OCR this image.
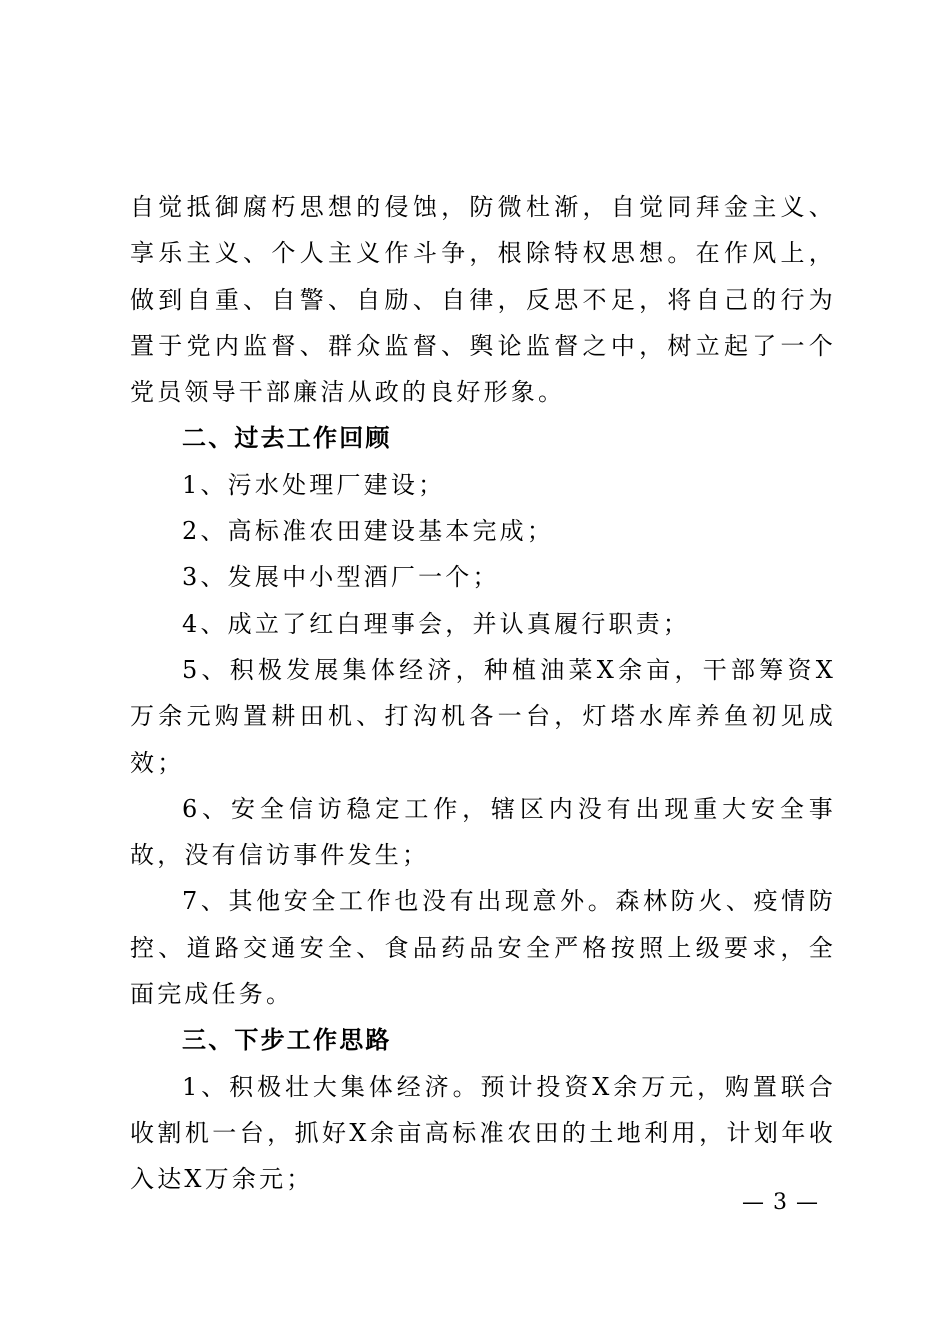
自觉抵御腐朽思想的侵蚀，防微杜渐，自觉同拜金主义、享乐主义、个人主义作斗争，根除特权思想。在作风上，做到自重、自警、自励、自律，反思不足，将自己的行为置于党内监督、群众监督、舆论监督之中，树立起了一个党员领导干部廉洁从政的良好形象。

二、过去工作回顾

1、污水处理厂建设；

2、高标准农田建设基本完成；

3、发展中小型酒厂一个；

4、成立了红白理事会，并认真履行职责；

5、积极发展集体经济，种植油菜X余亩，干部筹资X万余元购置耕田机、打沟机各一台，灯塔水库养鱼初见成效；

6、安全信访稳定工作，辖区内没有出现重大安全事故，没有信访事件发生；

7、其他安全工作也没有出现意外。森林防火、疫情防控、道路交通安全、食品药品安全严格按照上级要求，全面完成任务。

三、下步工作思路

1、积极壮大集体经济。预计投资X余万元，购置联合收割机一台，抓好X余亩高标准农田的土地利用，计划年收入达X万余元；

— 3 —
